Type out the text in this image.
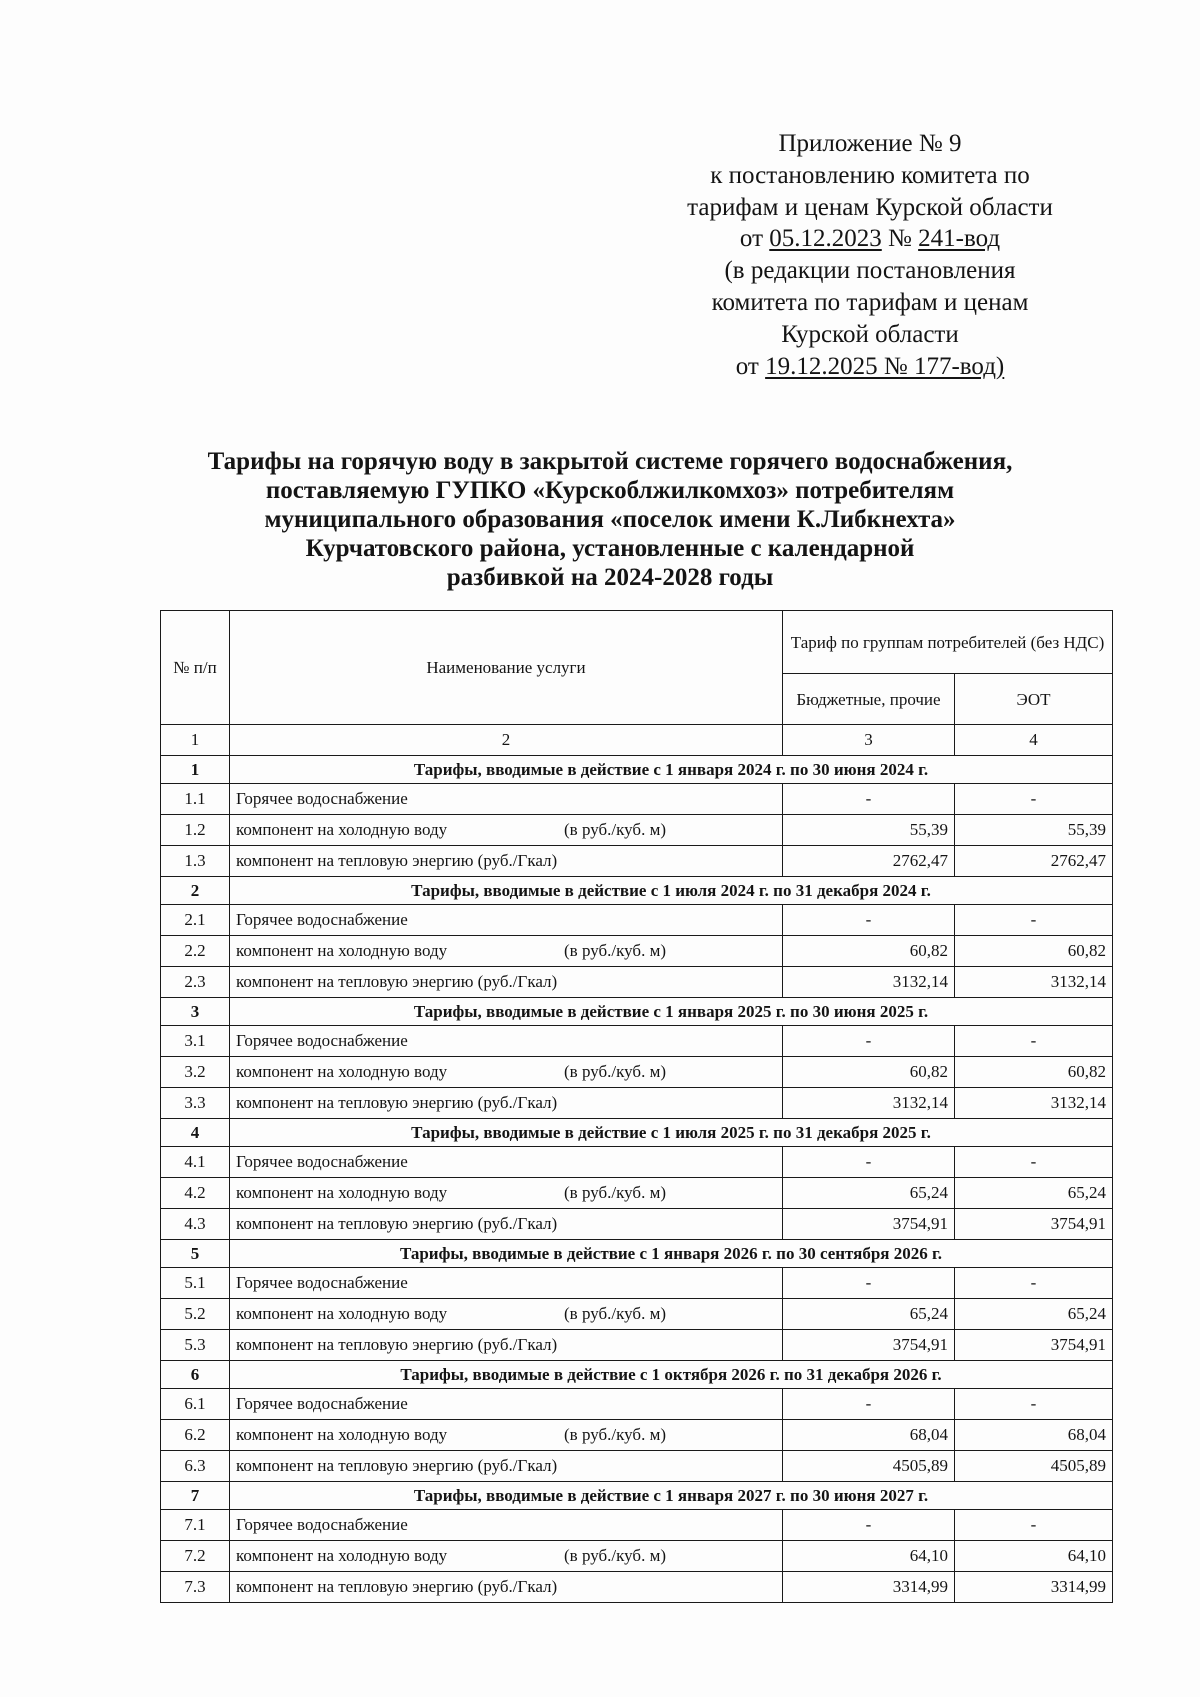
Приложение № 9
к постановлению комитета по
тарифам и ценам Курской области
от 05.12.2023 № 241-вод
(в редакции постановления
комитета по тарифам и ценам
Курской области
от 19.12.2025 № 177-вод)
Тарифы на горячую воду в закрытой системе горячего водоснабжения,
поставляемую ГУПКО «Курскоблжилкомхоз» потребителям
муниципального образования «поселок имени К.Либкнехта»
Курчатовского района, установленные с календарной
разбивкой на 2024-2028 годы
№ п/п	Наименование услуги	Тариф по группам потребителей (без НДС)	
		Бюджетные, прочие	ЭОТ
1	2	3	4
1	Тарифы, вводимые в действие с 1 января 2024 г. по 30 июня 2024 г.		
1.1	Горячее водоснабжение	-	-
1.2	компонент на холодную воду (в руб./куб. м)	55,39	55,39
1.3	компонент на тепловую энергию (руб./Гкал)	2762,47	2762,47
2	Тарифы, вводимые в действие с 1 июля 2024 г. по 31 декабря 2024 г.		
2.1	Горячее водоснабжение	-	-
2.2	компонент на холодную воду (в руб./куб. м)	60,82	60,82
2.3	компонент на тепловую энергию (руб./Гкал)	3132,14	3132,14
3	Тарифы, вводимые в действие с 1 января 2025 г. по 30 июня 2025 г.		
3.1	Горячее водоснабжение	-	-
3.2	компонент на холодную воду (в руб./куб. м)	60,82	60,82
3.3	компонент на тепловую энергию (руб./Гкал)	3132,14	3132,14
4	Тарифы, вводимые в действие с 1 июля 2025 г. по 31 декабря 2025 г.		
4.1	Горячее водоснабжение	-	-
4.2	компонент на холодную воду (в руб./куб. м)	65,24	65,24
4.3	компонент на тепловую энергию (руб./Гкал)	3754,91	3754,91
5	Тарифы, вводимые в действие с 1 января 2026 г. по 30 сентября 2026 г.		
5.1	Горячее водоснабжение	-	-
5.2	компонент на холодную воду (в руб./куб. м)	65,24	65,24
5.3	компонент на тепловую энергию (руб./Гкал)	3754,91	3754,91
6	Тарифы, вводимые в действие с 1 октября 2026 г. по 31 декабря 2026 г.		
6.1	Горячее водоснабжение	-	-
6.2	компонент на холодную воду (в руб./куб. м)	68,04	68,04
6.3	компонент на тепловую энергию (руб./Гкал)	4505,89	4505,89
7	Тарифы, вводимые в действие с 1 января 2027 г. по 30 июня 2027 г.		
7.1	Горячее водоснабжение	-	-
7.2	компонент на холодную воду (в руб./куб. м)	64,10	64,10
7.3	компонент на тепловую энергию (руб./Гкал)	3314,99	3314,99
